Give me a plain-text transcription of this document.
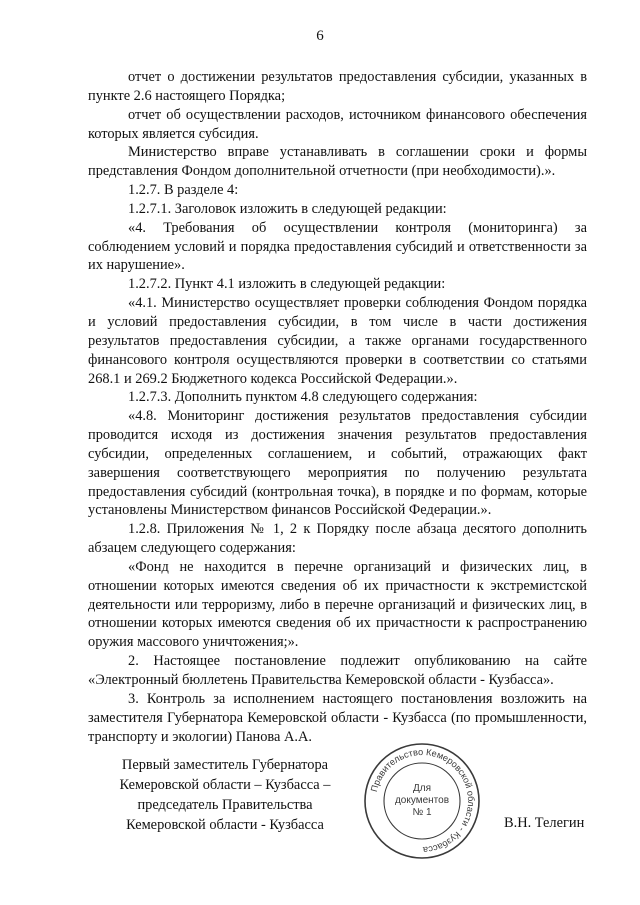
6

отчет о достижении результатов предоставления субсидии, указанных в пункте 2.6 настоящего Порядка;

отчет об осуществлении расходов, источником финансового обеспечения которых является субсидия.

Министерство вправе устанавливать в соглашении сроки и формы представления Фондом дополнительной отчетности (при необходимости).».

1.2.7. В разделе 4:

1.2.7.1. Заголовок изложить в следующей редакции:

«4. Требования об осуществлении контроля (мониторинга) за соблюдением условий и порядка предоставления субсидий и ответственности за их нарушение».

1.2.7.2. Пункт 4.1 изложить в следующей редакции:

«4.1. Министерство осуществляет проверки соблюдения Фондом порядка и условий предоставления субсидии, в том числе в части достижения результатов предоставления субсидии, а также органами государственного финансового контроля осуществляются проверки в соответствии со статьями 268.1 и 269.2 Бюджетного кодекса Российской Федерации.».

1.2.7.3. Дополнить пунктом 4.8 следующего содержания:

«4.8. Мониторинг достижения результатов предоставления субсидии проводится исходя из достижения значения результатов предоставления субсидии, определенных соглашением, и событий, отражающих факт завершения соответствующего мероприятия по получению результата предоставления субсидий (контрольная точка), в порядке и по формам, которые установлены Министерством финансов Российской Федерации.».

1.2.8. Приложения № 1, 2 к Порядку после абзаца десятого дополнить абзацем следующего содержания:

«Фонд не находится в перечне организаций и физических лиц, в отношении которых имеются сведения об их причастности к экстремистской деятельности или терроризму, либо в перечне организаций и физических лиц, в отношении которых имеются сведения об их причастности к распространению оружия массового уничтожения;».

2. Настоящее постановление подлежит опубликованию на сайте «Электронный бюллетень Правительства Кемеровской области - Кузбасса».

3. Контроль за исполнением настоящего постановления возложить на заместителя Губернатора Кемеровской области - Кузбасса (по промышленности, транспорту и экологии) Панова А.А.

Первый заместитель Губернатора
Кемеровской области – Кузбасса –
председатель Правительства
Кемеровской области - Кузбасса
Правительство Кемеровской области - Кузбасса
Для
документов
№ 1
В.Н. Телегин
